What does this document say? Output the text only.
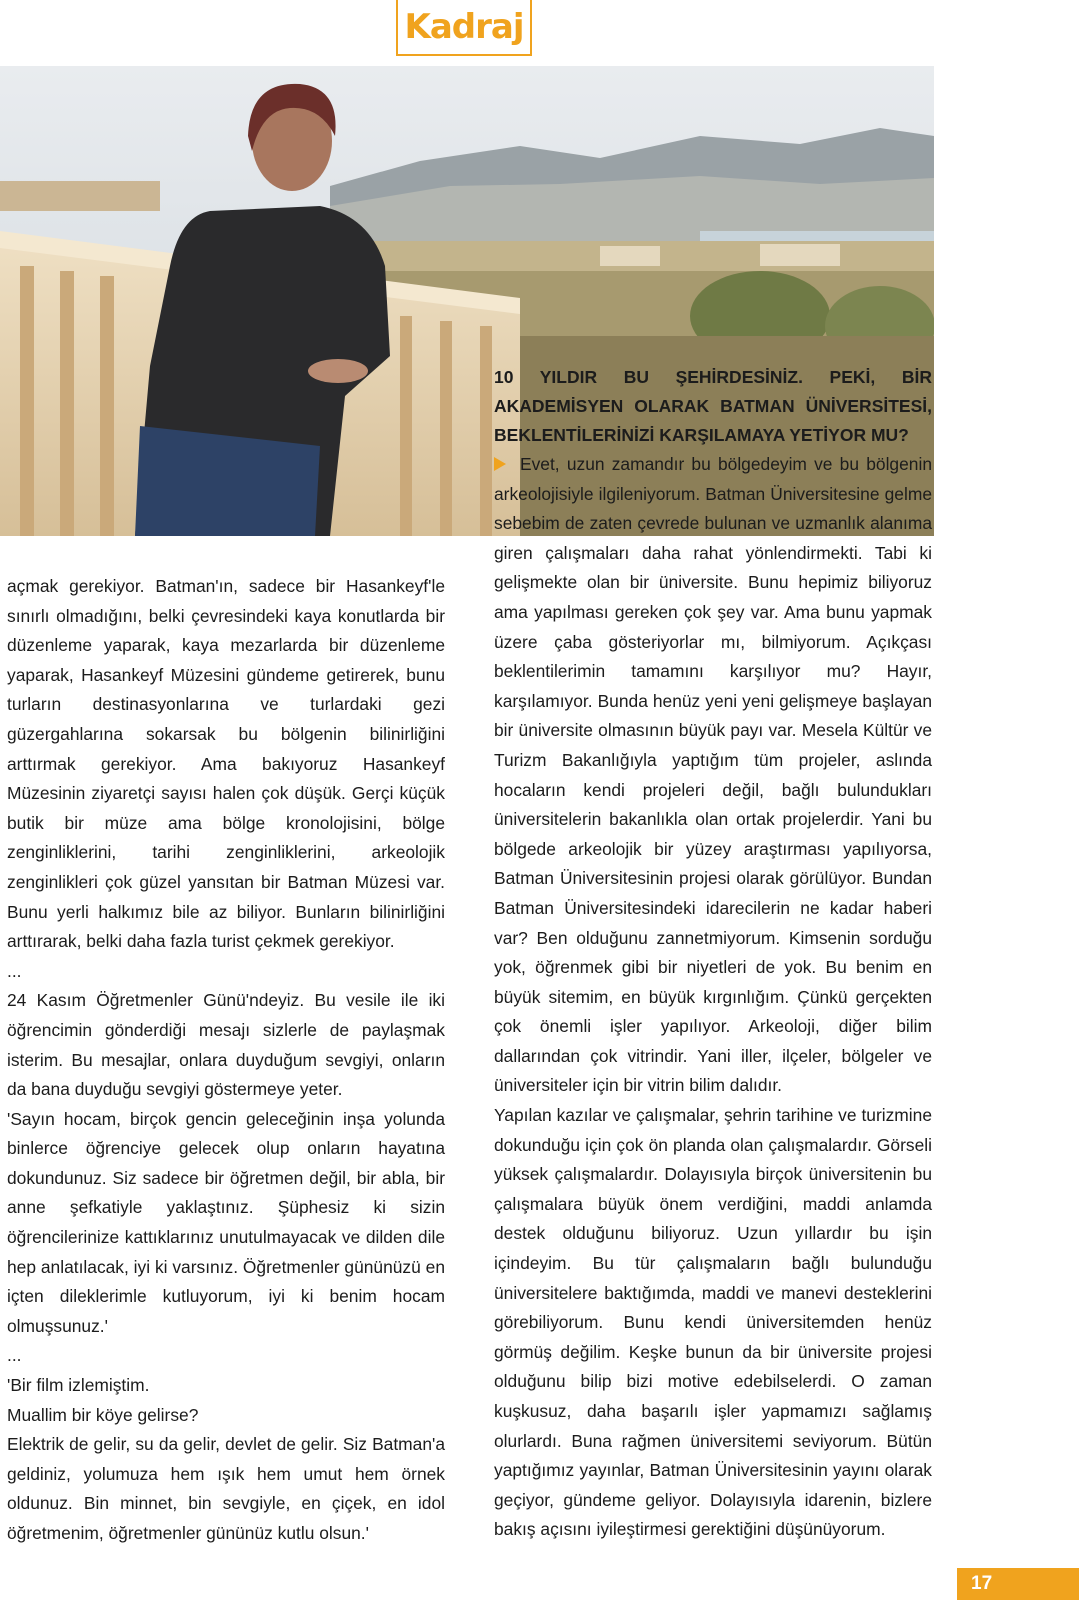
Kadraj

açmak gerekiyor. Batman'ın, sadece bir Hasankeyf'le sınırlı olmadığını, belki çevresindeki kaya konutlarda bir düzenleme yaparak, kaya mezarlarda bir düzenleme yaparak, Hasankeyf Müzesini gündeme getirerek, bunu turların destinasyonlarına ve turlardaki gezi güzergahlarına sokarsak bu bölgenin bilinirliğini arttırmak gerekiyor. Ama bakıyoruz Hasankeyf Müzesinin ziyaretçi sayısı halen çok düşük. Gerçi küçük butik bir müze ama bölge kronolojisini, bölge zenginliklerini, tarihi zenginliklerini, arkeolojik zenginlikleri çok güzel yansıtan bir Batman Müzesi var. Bunu yerli halkımız bile az biliyor. Bunların bilinirliğini arttırarak, belki daha fazla turist çekmek gerekiyor.

...

24 Kasım Öğretmenler Günü'ndeyiz. Bu vesile ile iki öğrencimin gönderdiği mesajı sizlerle de paylaşmak isterim. Bu mesajlar, onlara duyduğum sevgiyi, onların da bana duyduğu sevgiyi göstermeye yeter.

'Sayın hocam, birçok gencin geleceğinin inşa yolunda binlerce öğrenciye gelecek olup onların hayatına dokundunuz. Siz sadece bir öğretmen değil, bir abla, bir anne şefkatiyle yaklaştınız. Şüphesiz ki sizin öğrencilerinize kattıklarınız unutulmayacak ve dilden dile hep anlatılacak, iyi ki varsınız. Öğretmenler gününüzü en içten dileklerimle kutluyorum, iyi ki benim hocam olmuşsunuz.'

...

'Bir film izlemiştim.

Muallim bir köye gelirse?

Elektrik de gelir, su da gelir, devlet de gelir. Siz Batman'a geldiniz, yolumuza hem ışık hem umut hem örnek oldunuz. Bin minnet, bin sevgiyle, en çiçek, en idol öğretmenim, öğretmenler gününüz kutlu olsun.'

10 YILDIR BU ŞEHİRDESİNİZ. PEKİ, BİR AKADEMİSYEN OLARAK BATMAN ÜNİVERSİTESİ, BEKLENTİLERİNİZİ KARŞILAMAYA YETİYOR MU?

Evet, uzun zamandır bu bölgedeyim ve bu bölgenin arkeolojisiyle ilgileniyorum. Batman Üniversitesine gelme sebebim de zaten çevrede bulunan ve uzmanlık alanıma giren çalışmaları daha rahat yönlendirmekti. Tabi ki gelişmekte olan bir üniversite. Bunu hepimiz biliyoruz ama yapılması gereken çok şey var. Ama bunu yapmak üzere çaba gösteriyorlar mı, bilmiyorum. Açıkçası beklentilerimin tamamını karşılıyor mu? Hayır, karşılamıyor. Bunda henüz yeni yeni gelişmeye başlayan bir üniversite olmasının büyük payı var. Mesela Kültür ve Turizm Bakanlığıyla yaptığım tüm projeler, aslında hocaların kendi projeleri değil, bağlı bulundukları üniversitelerin bakanlıkla olan ortak projelerdir. Yani bu bölgede arkeolojik bir yüzey araştırması yapılıyorsa, Batman Üniversitesinin projesi olarak görülüyor. Bundan Batman Üniversitesindeki idarecilerin ne kadar haberi var? Ben olduğunu zannetmiyorum. Kimsenin sorduğu yok, öğrenmek gibi bir niyetleri de yok. Bu benim en büyük sitemim, en büyük kırgınlığım. Çünkü gerçekten çok önemli işler yapılıyor. Arkeoloji, diğer bilim dallarından çok vitrindir. Yani iller, ilçeler, bölgeler ve üniversiteler için bir vitrin bilim dalıdır.

Yapılan kazılar ve çalışmalar, şehrin tarihine ve turizmine dokunduğu için çok ön planda olan çalışmalardır. Görseli yüksek çalışmalardır. Dolayısıyla birçok üniversitenin bu çalışmalara büyük önem verdiğini, maddi anlamda destek olduğunu biliyoruz. Uzun yıllardır bu işin içindeyim. Bu tür çalışmaların bağlı bulunduğu üniversitelere baktığımda, maddi ve manevi desteklerini görebiliyorum. Bunu kendi üniversitemden henüz görmüş değilim. Keşke bunun da bir üniversite projesi olduğunu bilip bizi motive edebilselerdi. O zaman kuşkusuz, daha başarılı işler yapmamızı sağlamış olurlardı. Buna rağmen üniversitemi seviyorum. Bütün yaptığımız yayınlar, Batman Üniversitesinin yayını olarak geçiyor, gündeme geliyor. Dolayısıyla idarenin, bizlere bakış açısını iyileştirmesi gerektiğini düşünüyorum.

17
